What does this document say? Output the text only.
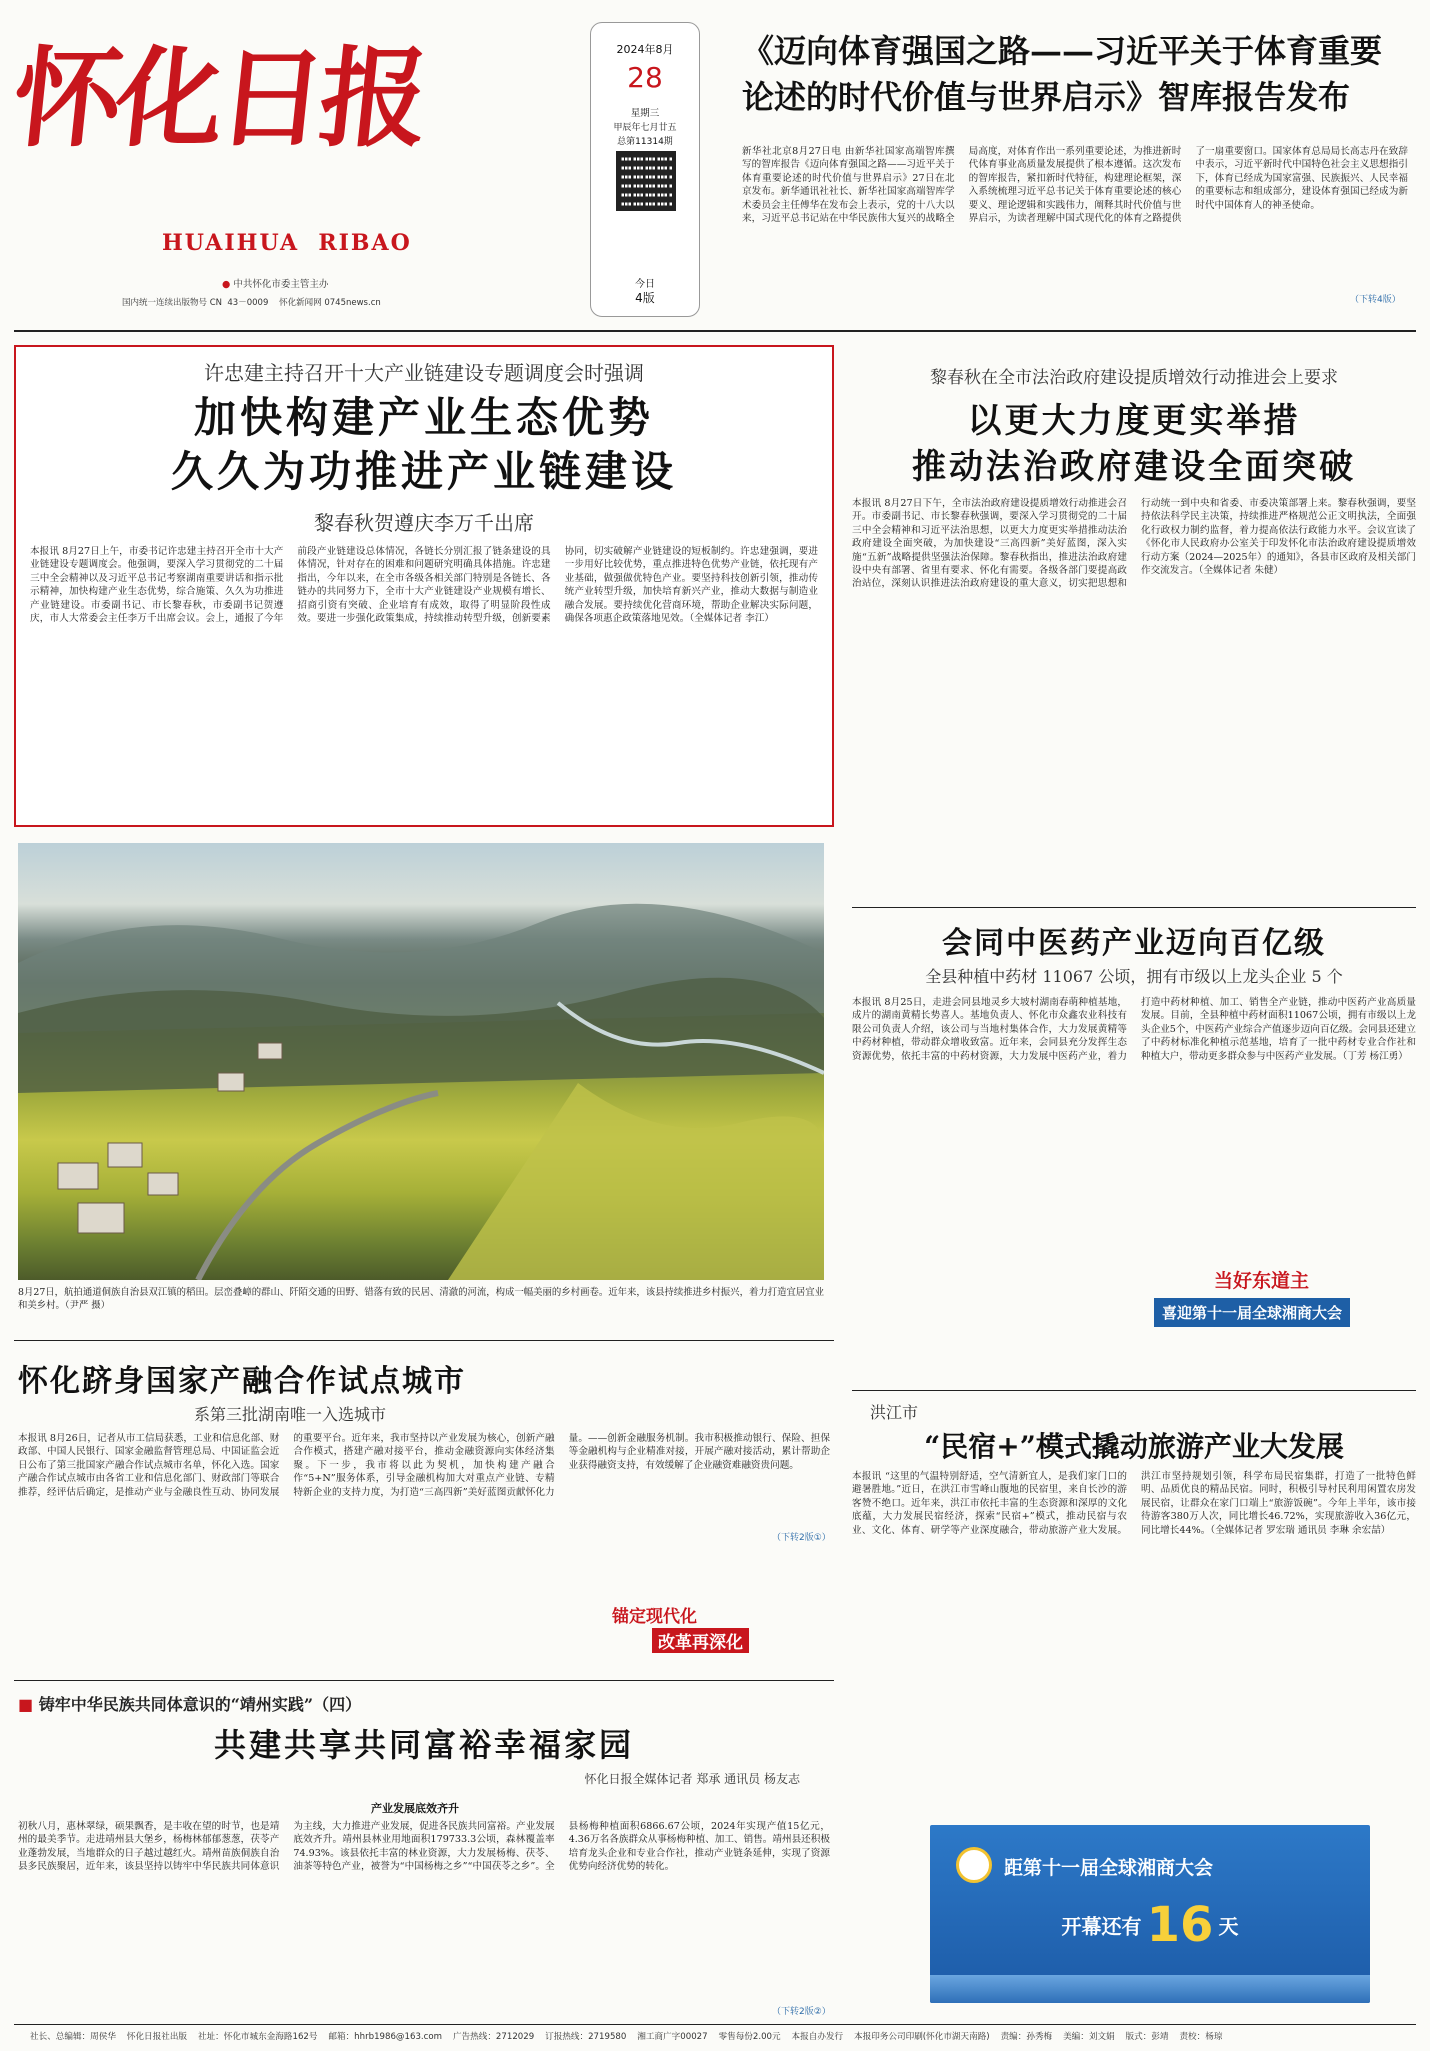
怀化日报
HUAIHUA  RIBAO
● 中共怀化市委主管主办
国内统一连续出版物号 CN  43－0009    怀化新闻网 0745news.cn
2024年8月
28
星期三
甲辰年七月廿五
总第11314期
今日
4版
《迈向体育强国之路——习近平关于体育重要
论述的时代价值与世界启示》智库报告发布
新华社北京8月27日电 由新华社国家高端智库撰写的智库报告《迈向体育强国之路——习近平关于体育重要论述的时代价值与世界启示》27日在北京发布。新华通讯社社长、新华社国家高端智库学术委员会主任傅华在发布会上表示，党的十八大以来，习近平总书记站在中华民族伟大复兴的战略全局高度，对体育作出一系列重要论述，为推进新时代体育事业高质量发展提供了根本遵循。这次发布的智库报告，紧扣新时代特征，构建理论框架，深入系统梳理习近平总书记关于体育重要论述的核心要义、理论逻辑和实践伟力，阐释其时代价值与世界启示，为读者理解中国式现代化的体育之路提供了一扇重要窗口。国家体育总局局长高志丹在致辞中表示，习近平新时代中国特色社会主义思想指引下，体育已经成为国家富强、民族振兴、人民幸福的重要标志和组成部分，建设体育强国已经成为新时代中国体育人的神圣使命。
（下转4版）
许忠建主持召开十大产业链建设专题调度会时强调
加快构建产业生态优势
久久为功推进产业链建设
黎春秋贺遵庆李万千出席
本报讯 8月27日上午，市委书记许忠建主持召开全市十大产业链建设专题调度会。他强调，要深入学习贯彻党的二十届三中全会精神以及习近平总书记考察湖南重要讲话和指示批示精神，加快构建产业生态优势，综合施策、久久为功推进产业链建设。市委副书记、市长黎春秋，市委副书记贺遵庆，市人大常委会主任李万千出席会议。会上，通报了今年前段产业链建设总体情况，各链长分别汇报了链条建设的具体情况，针对存在的困难和问题研究明确具体措施。许忠建指出，今年以来，在全市各级各相关部门特别是各链长、各链办的共同努力下，全市十大产业链建设产业规模有增长、招商引资有突破、企业培育有成效，取得了明显阶段性成效。要进一步强化政策集成，持续推动转型升级，创新要素协同，切实破解产业链建设的短板制约。许忠建强调，要进一步用好比较优势，重点推进特色优势产业链，依托现有产业基础，做强做优特色产业。要坚持科技创新引领，推动传统产业转型升级，加快培育新兴产业，推动大数据与制造业融合发展。要持续优化营商环境，帮助企业解决实际问题，确保各项惠企政策落地见效。（全媒体记者 李江）
黎春秋在全市法治政府建设提质增效行动推进会上要求
以更大力度更实举措
推动法治政府建设全面突破
本报讯 8月27日下午，全市法治政府建设提质增效行动推进会召开。市委副书记、市长黎春秋强调，要深入学习贯彻党的二十届三中全会精神和习近平法治思想，以更大力度更实举措推动法治政府建设全面突破，为加快建设“三高四新”美好蓝图，深入实施“五新”战略提供坚强法治保障。黎春秋指出，推进法治政府建设中央有部署、省里有要求、怀化有需要。各级各部门要提高政治站位，深刻认识推进法治政府建设的重大意义，切实把思想和行动统一到中央和省委、市委决策部署上来。黎春秋强调，要坚持依法科学民主决策，持续推进严格规范公正文明执法，全面强化行政权力制约监督，着力提高依法行政能力水平。会议宣读了《怀化市人民政府办公室关于印发怀化市法治政府建设提质增效行动方案（2024—2025年）的通知》，各县市区政府及相关部门作交流发言。（全媒体记者 朱健）
8月27日，航拍通道侗族自治县双江镇的稻田。层峦叠嶂的群山、阡陌交通的田野、错落有致的民居、清澈的河流，构成一幅美丽的乡村画卷。近年来，该县持续推进乡村振兴，着力打造宜居宜业和美乡村。（尹严 摄）
会同中医药产业迈向百亿级
全县种植中药材 11067 公顷，拥有市级以上龙头企业 5 个
本报讯 8月25日，走进会同县地灵乡大坡村湖南春萌种植基地，成片的湖南黄精长势喜人。基地负责人、怀化市众鑫农业科技有限公司负责人介绍，该公司与当地村集体合作，大力发展黄精等中药材种植，带动群众增收致富。近年来，会同县充分发挥生态资源优势，依托丰富的中药材资源，大力发展中医药产业，着力打造中药材种植、加工、销售全产业链，推动中医药产业高质量发展。目前，全县种植中药材面积11067公顷，拥有市级以上龙头企业5个，中医药产业综合产值逐步迈向百亿级。会同县还建立了中药材标准化种植示范基地，培育了一批中药材专业合作社和种植大户，带动更多群众参与中医药产业发展。（丁芳 杨江勇）
当好东道主
喜迎第十一届全球湘商大会
怀化跻身国家产融合作试点城市
系第三批湖南唯一入选城市
本报讯 8月26日，记者从市工信局获悉，工业和信息化部、财政部、中国人民银行、国家金融监督管理总局、中国证监会近日公布了第三批国家产融合作试点城市名单，怀化入选。国家产融合作试点城市由各省工业和信息化部门、财政部门等联合推荐，经评估后确定，是推动产业与金融良性互动、协同发展的重要平台。近年来，我市坚持以产业发展为核心，创新产融合作模式，搭建产融对接平台，推动金融资源向实体经济集聚。下一步，我市将以此为契机，加快构建产融合作“5+N”服务体系，引导金融机构加大对重点产业链、专精特新企业的支持力度，为打造“三高四新”美好蓝图贡献怀化力量。——创新金融服务机制。我市积极推动银行、保险、担保等金融机构与企业精准对接，开展产融对接活动，累计帮助企业获得融资支持，有效缓解了企业融资难融资贵问题。
（下转2版①）
锚定现代化
改革再深化
洪江市
“民宿+”模式撬动旅游产业大发展
本报讯 “这里的气温特别舒适，空气清新宜人，是我们家门口的避暑胜地。”近日，在洪江市雪峰山腹地的民宿里，来自长沙的游客赞不绝口。近年来，洪江市依托丰富的生态资源和深厚的文化底蕴，大力发展民宿经济，探索“民宿+”模式，推动民宿与农业、文化、体育、研学等产业深度融合，带动旅游产业大发展。洪江市坚持规划引领，科学布局民宿集群，打造了一批特色鲜明、品质优良的精品民宿。同时，积极引导村民利用闲置农房发展民宿，让群众在家门口端上“旅游饭碗”。今年上半年，该市接待游客380万人次，同比增长46.72%，实现旅游收入36亿元，同比增长44%。（全媒体记者 罗宏瑞 通讯员 李琳 余宏喆）
■ 铸牢中华民族共同体意识的“靖州实践”（四）
共建共享共同富裕幸福家园
怀化日报全媒体记者 郑承 通讯员 杨友志
产业发展底效齐升
初秋八月，惠林翠绿，硕果飘香，是丰收在望的时节，也是靖州的最美季节。走进靖州县大堡乡，杨梅林郁郁葱葱，茯苓产业蓬勃发展，当地群众的日子越过越红火。靖州苗族侗族自治县多民族聚居，近年来，该县坚持以铸牢中华民族共同体意识为主线，大力推进产业发展，促进各民族共同富裕。产业发展底效齐升。靖州县林业用地面积179733.3公顷，森林覆盖率74.93%。该县依托丰富的林业资源，大力发展杨梅、茯苓、油茶等特色产业，被誉为“中国杨梅之乡”“中国茯苓之乡”。全县杨梅种植面积6866.67公顷，2024年实现产值15亿元，4.36万名各族群众从事杨梅种植、加工、销售。靖州县还积极培育龙头企业和专业合作社，推动产业链条延伸，实现了资源优势向经济优势的转化。
（下转2版②）
距第十一届全球湘商大会
开幕还有 16 天
社长、总编辑：周侯华    怀化日报社出版    社址：怀化市城东金海路162号    邮箱：hhrb1986@163.com    广告热线：2712029    订报热线：2719580    湘工商广字00027    零售每份2.00元    本报自办发行    本报印务公司印刷(怀化市湖天南路)    责编：孙秀梅    美编：刘文娟    版式：彭靖    责校：杨琼
